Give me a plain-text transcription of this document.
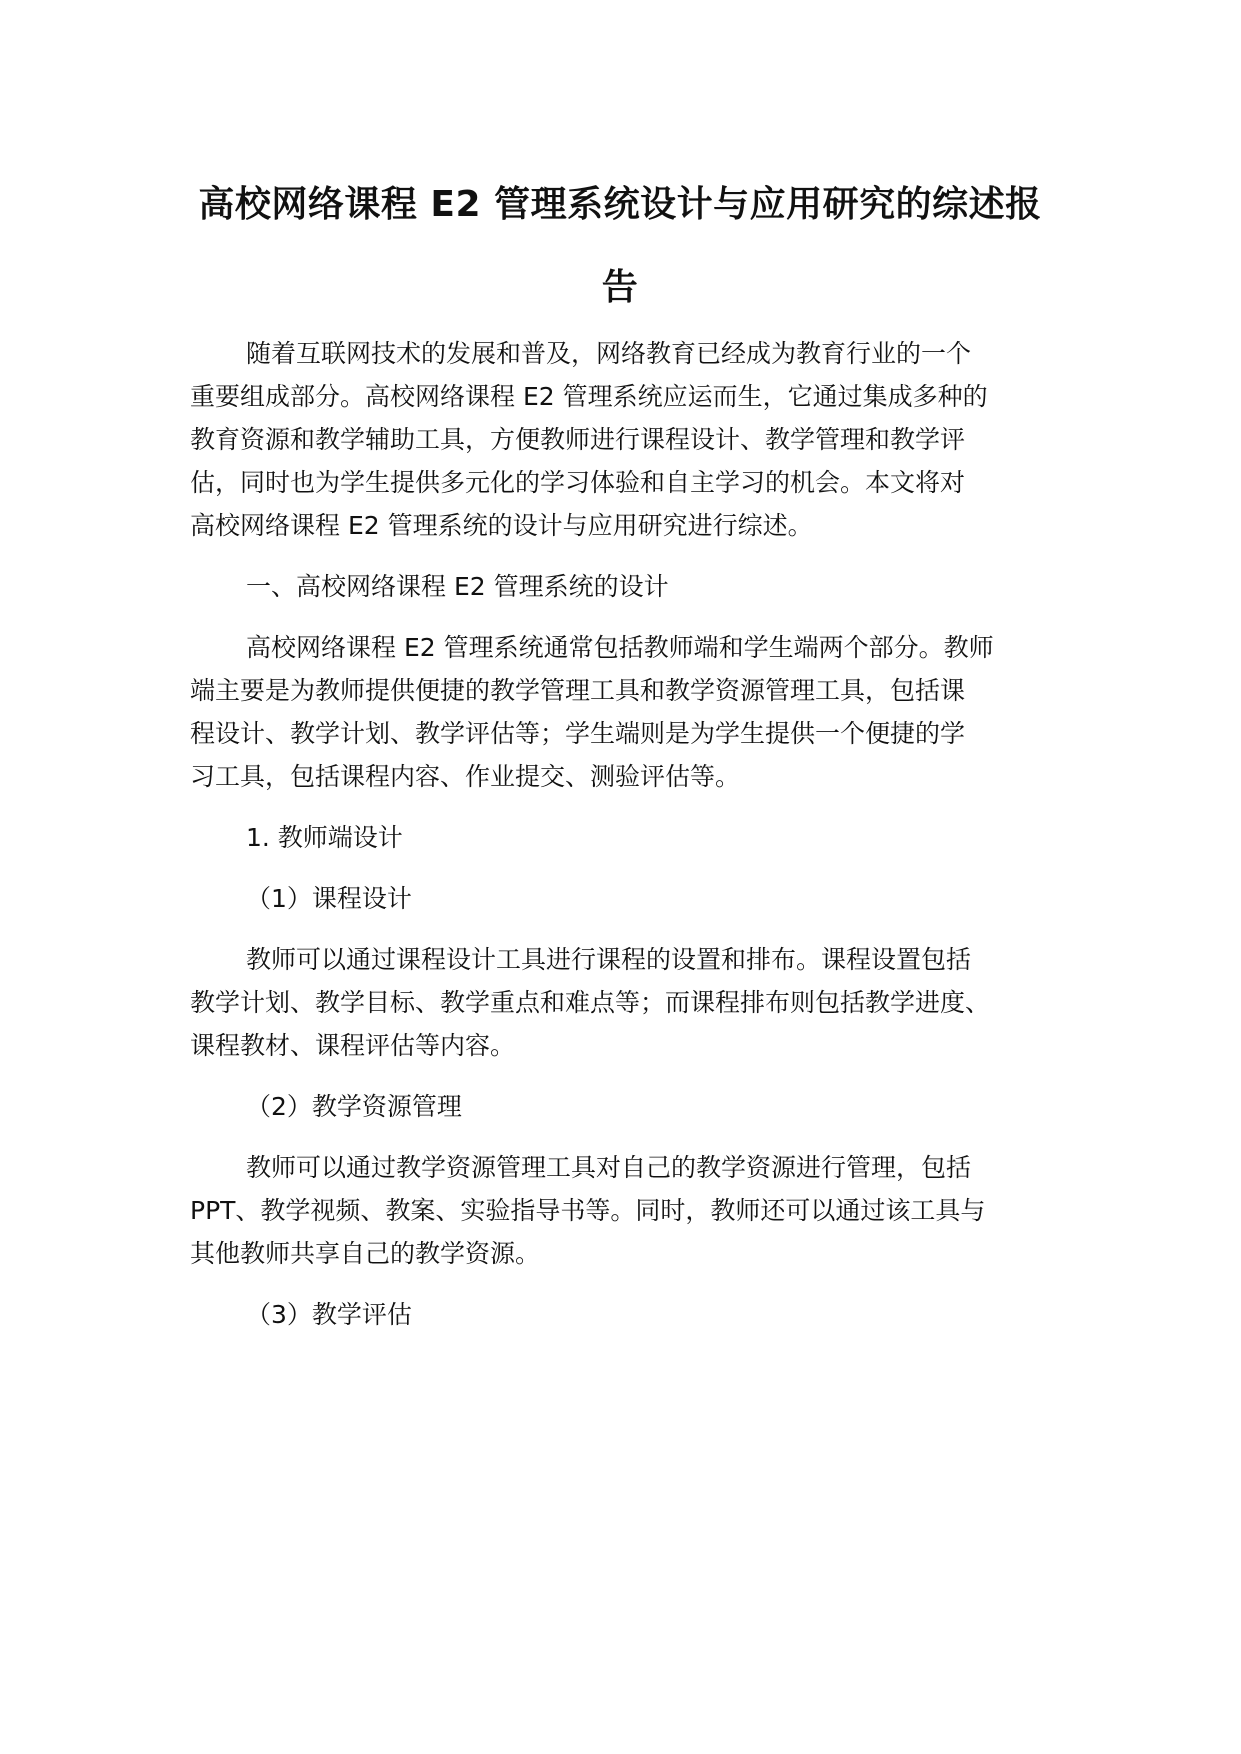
高校网络课程 E2 管理系统设计与应用研究的综述报
告

随着互联网技术的发展和普及，网络教育已经成为教育行业的一个

重要组成部分。高校网络课程 E2 管理系统应运而生，它通过集成多种的

教育资源和教学辅助工具，方便教师进行课程设计、教学管理和教学评

估，同时也为学生提供多元化的学习体验和自主学习的机会。本文将对

高校网络课程 E2 管理系统的设计与应用研究进行综述。

一、高校网络课程 E2 管理系统的设计

高校网络课程 E2 管理系统通常包括教师端和学生端两个部分。教师

端主要是为教师提供便捷的教学管理工具和教学资源管理工具，包括课

程设计、教学计划、教学评估等；学生端则是为学生提供一个便捷的学

习工具，包括课程内容、作业提交、测验评估等。

1. 教师端设计

（1）课程设计

教师可以通过课程设计工具进行课程的设置和排布。课程设置包括

教学计划、教学目标、教学重点和难点等；而课程排布则包括教学进度、

课程教材、课程评估等内容。

（2）教学资源管理

教师可以通过教学资源管理工具对自己的教学资源进行管理，包括

PPT、教学视频、教案、实验指导书等。同时，教师还可以通过该工具与

其他教师共享自己的教学资源。

（3）教学评估
